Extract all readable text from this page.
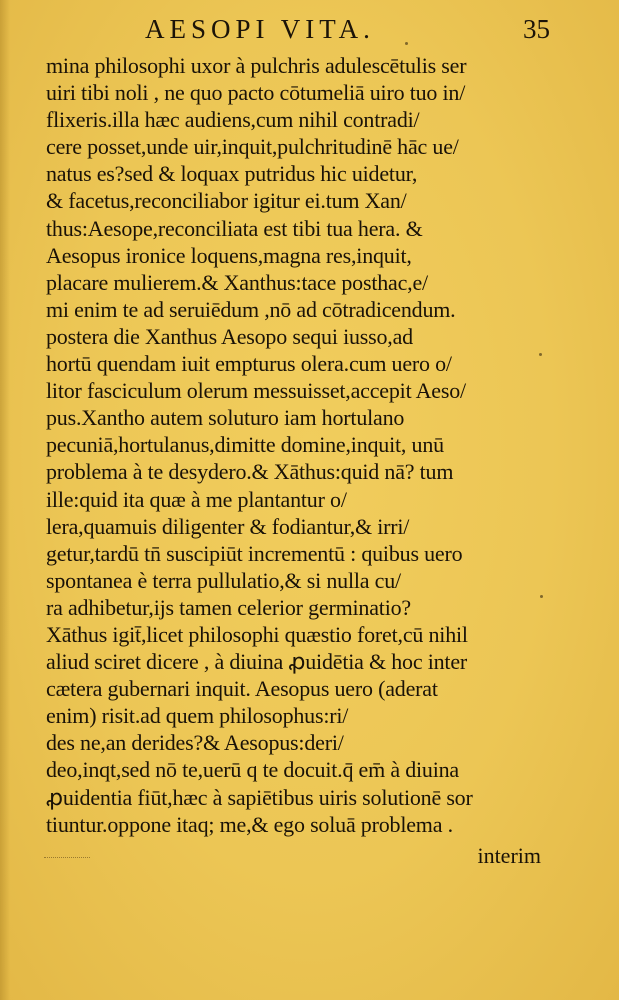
AESOPI VITA.	35
mina philosophi uxor à pulchris adulescētulis ser
uiri tibi noli , ne quo pacto cōtumeliā uiro tuo in/
flixeris.illa hæc audiens,cum nihil contradi/
cere posset,unde uir,inquit,pulchritudinē hāc ue/
natus es?sed & loquax putridus hic uidetur,
& facetus,reconciliabor igitur ei.tum Xan/
thus:Aesope,reconciliata est tibi tua hera. &
Aesopus ironice loquens,magna res,inquit,
placare mulierem.& Xanthus:tace posthac,e/
mi enim te ad seruiēdum ,nō ad cōtradicendum.
postera die Xanthus Aesopo sequi iusso,ad
hortū quendam iuit empturus olera.cum uero o/
litor fasciculum olerum messuisset,accepit Aeso/
pus.Xantho autem soluturo iam hortulano
pecuniā,hortulanus,dimitte domine,inquit, unū
problema à te desydero.& Xāthus:quid nā? tum
ille:quid ita quæ à me plantantur o/
lera,quamuis diligenter & fodiantur,& irri/
getur,tardū tn̄ suscipiūt incrementū : quibus uero
spontanea è terra pullulatio,& si nulla cu/
ra adhibetur,ijs tamen celerior germinatio?
Xāthus igit̄,licet philosophi quæstio foret,cū nihil
aliud sciret dicere , à diuina ꝓuidētia & hoc inter
cætera gubernari inquit. Aesopus uero (aderat
enim) risit.ad quem philosophus:ri/
des ne,an derides?& Aesopus:deri/
deo,inqt,sed nō te,uerū q te docuit.q̄ em̄ à diuina
ꝓuidentia fiūt,hæc à sapiētibus uiris solutionē sor
tiuntur.oppone itaq; me,& ego soluā problema .
interim
